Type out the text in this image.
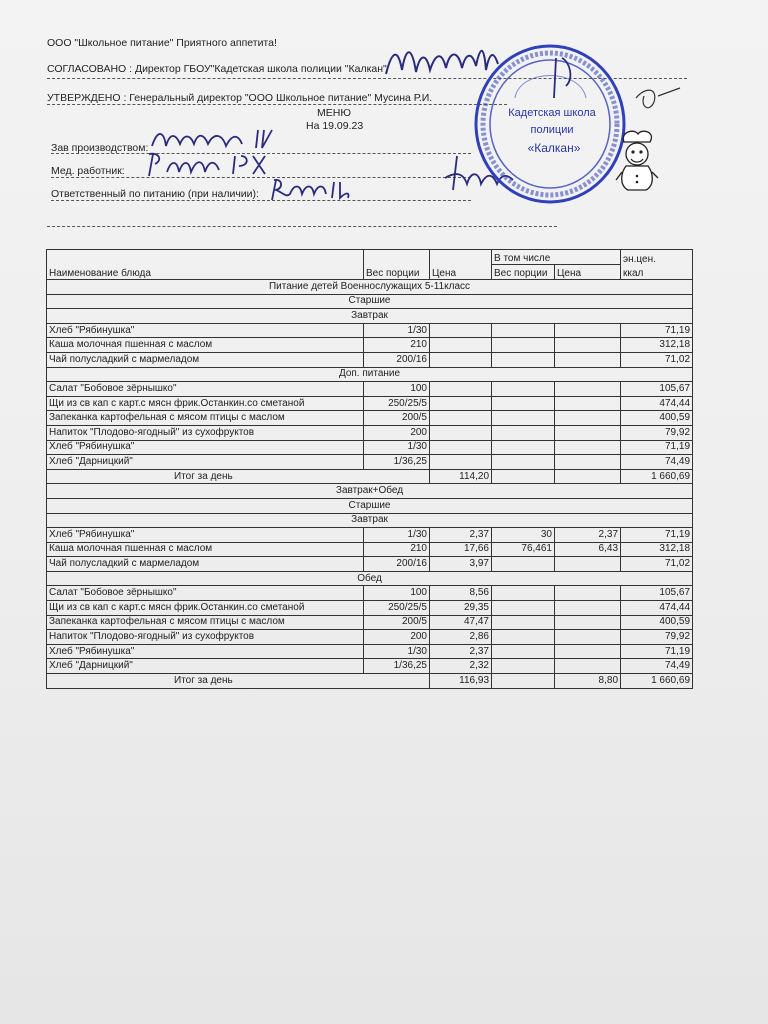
ООО "Школьное питание" Приятного аппетита!
СОГЛАСОВАНО : Директор ГБОУ"Кадетская школа полиции "Калкан"
УТВЕРЖДЕНО : Генеральный директор "ООО Школьное питание" Мусина Р.И.
МЕНЮ
На 19.09.23
Зав производством:
Мед. работник:
Ответственный по питанию (при наличии):
Кадетская школа
полиции
«Калкан»
Наименование блюда	Вес порции	Цена	В том числе		эн.цен.
			Вес порции	Цена	ккал
Питание детей Военнослужащих 5-11класс					
Старшие					
Завтрак					
Хлеб "Рябинушка"	1/30				71,19
Каша молочная пшенная с маслом	210				312,18
Чай полусладкий с мармеладом	200/16				71,02
Доп. питание					
Салат "Бобовое зёрнышко"	100				105,67
Щи из св кап с карт.с мясн фрик.Останкин.со сметаной	250/25/5				474,44
Запеканка картофельная с мясом птицы с маслом	200/5				400,59
Напиток "Плодово-ягодный" из сухофруктов	200				79,92
Хлеб "Рябинушка"	1/30				71,19
Хлеб "Дарницкий"	1/36,25				74,49
Итог за день		114,20			1 660,69
Завтрак+Обед					
Старшие					
Завтрак					
Хлеб "Рябинушка"	1/30	2,37	30	2,37	71,19
Каша молочная пшенная с маслом	210	17,66	76,461	6,43	312,18
Чай полусладкий с мармеладом	200/16	3,97			71,02
Обед					
Салат "Бобовое зёрнышко"	100	8,56			105,67
Щи из св кап с карт.с мясн фрик.Останкин.со сметаной	250/25/5	29,35			474,44
Запеканка картофельная с мясом птицы с маслом	200/5	47,47			400,59
Напиток "Плодово-ягодный" из сухофруктов	200	2,86			79,92
Хлеб "Рябинушка"	1/30	2,37			71,19
Хлеб "Дарницкий"	1/36,25	2,32			74,49
Итог за день		116,93		8,80	1 660,69
